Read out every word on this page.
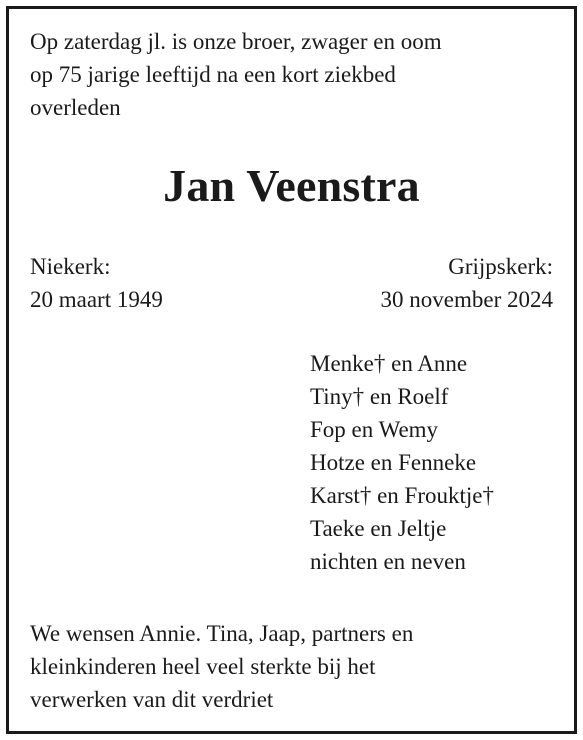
Op zaterdag jl. is onze broer, zwager en oom
op 75 jarige leeftijd na een kort ziekbed
overleden
Jan Veenstra
Niekerk:
20 maart 1949
Grijpskerk:
30 november 2024
Menke† en Anne
Tiny† en Roelf
Fop en Wemy
Hotze en Fenneke
Karst† en Frouktje†
Taeke en Jeltje
nichten en neven
We wensen Annie. Tina, Jaap, partners en
kleinkinderen heel veel sterkte bij het
verwerken van dit verdriet
